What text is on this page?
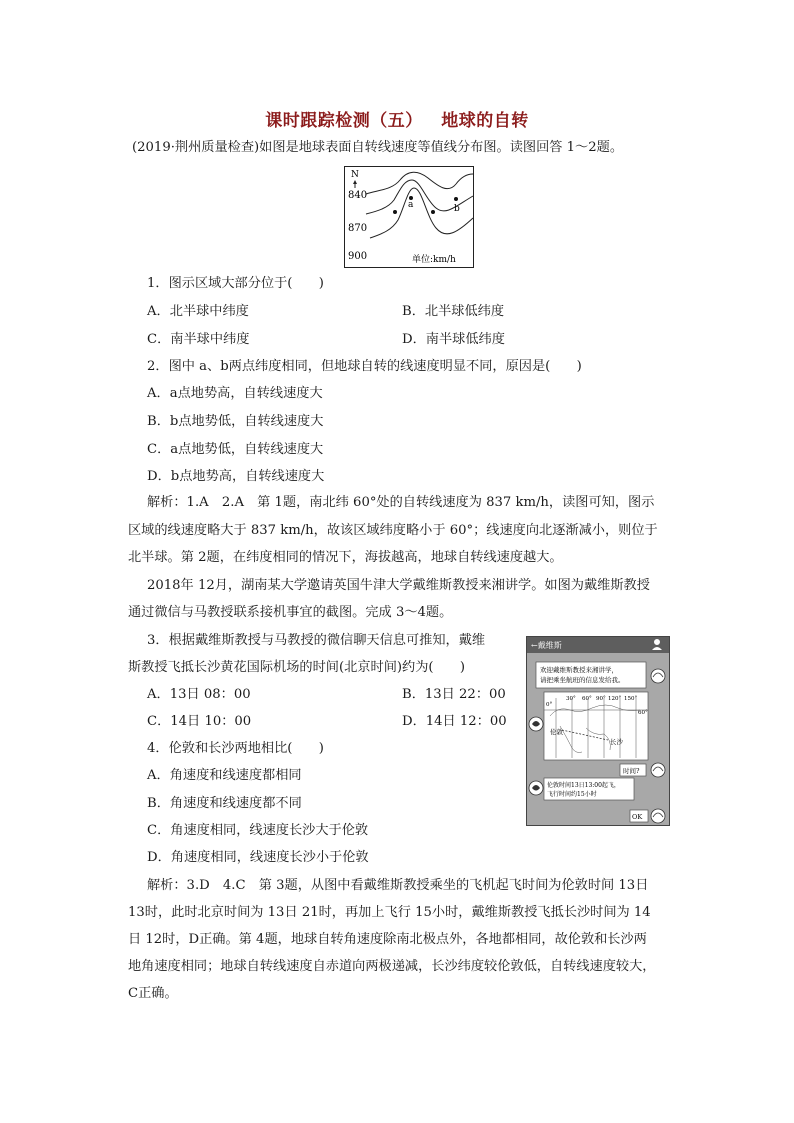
课时跟踪检测（五） 地球的自转
(2019·荆州质量检查)如图是地球表面自转线速度等值线分布图。读图回答 1～2题。
N
840
870
900
a	b
单位:km/h
1．图示区域大部分位于(　　)
A．北半球中纬度	B．北半球低纬度
C．南半球中纬度	D．南半球低纬度
2．图中 a、b两点纬度相同，但地球自转的线速度明显不同，原因是(　　)
A．a点地势高，自转线速度大
B．b点地势低，自转线速度大
C．a点地势低，自转线速度大
D．b点地势高，自转线速度大
解析：1.A　2.A　第 1题，南北纬 60°处的自转线速度为 837 km/h，读图可知，图示
区域的线速度略大于 837 km/h，故该区域纬度略小于 60°；线速度向北逐渐减小，则位于
北半球。第 2题，在纬度相同的情况下，海拔越高，地球自转线速度越大。
2018年 12月，湖南某大学邀请英国牛津大学戴维斯教授来湘讲学。如图为戴维斯教授
通过微信与马教授联系接机事宜的截图。完成 3～4题。
3．根据戴维斯教授与马教授的微信聊天信息可推知，戴维
斯教授飞抵长沙黄花国际机场的时间(北京时间)约为(　　)
A．13日 08：00	B．13日 22：00
C．14日 10：00	D．14日 12：00
4．伦敦和长沙两地相比(　　)
A．角速度和线速度都相同
B．角速度和线速度都不同
C．角速度相同，线速度长沙大于伦敦
D．角速度相同，线速度长沙小于伦敦
←戴维斯
欢迎戴维斯教授来湘讲学，
请把乘坐航班的信息发给我。
0°
30° 60° 90° 120° 150°
60°
伦敦
长沙
时间?
伦敦时间13日13:00起飞，
飞行时间约15小时
OK
解析：3.D　4.C　第 3题，从图中看戴维斯教授乘坐的飞机起飞时间为伦敦时间 13日
13时，此时北京时间为 13日 21时，再加上飞行 15小时，戴维斯教授飞抵长沙时间为 14
日 12时，D正确。第 4题，地球自转角速度除南北极点外，各地都相同，故伦敦和长沙两
地角速度相同；地球自转线速度自赤道向两极递减，长沙纬度较伦敦低，自转线速度较大，
C正确。
